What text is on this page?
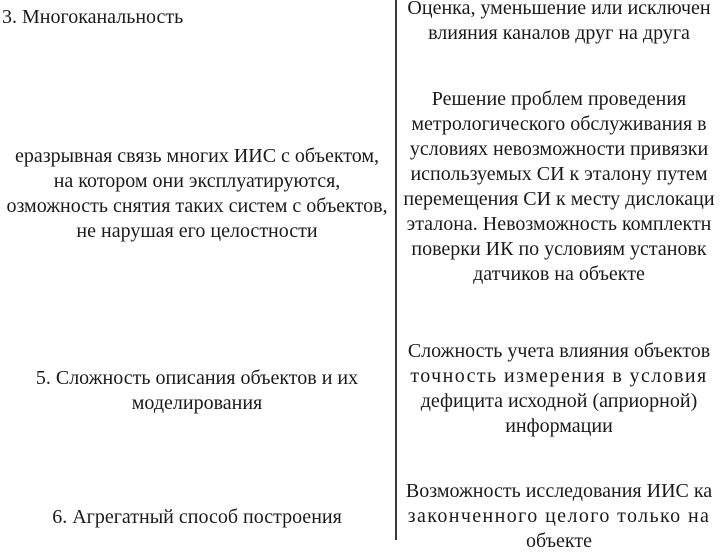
3. Многоканальность	Оценка, уменьшение или исключен
влияния каналов друг на друга
еразрывная связь многих ИИС с объектом,
на котором они эксплуатируются,
озможность снятия таких систем с объектов,
не нарушая его целостности
Решение проблем проведения
метрологического обслуживания в
условиях невозможности привязки
используемых СИ к эталону путем
перемещения СИ к месту дислокаци
эталона. Невозможность комплектн
поверки ИК по условиям установк
датчиков на объекте
5. Сложность описания объектов и их
моделирования
Сложность учета влияния объектов
точность измерения в условия
дефицита исходной (априорной)
информации
6. Агрегатный способ построения
Возможность исследования ИИС ка
законченного целого только на
объекте
